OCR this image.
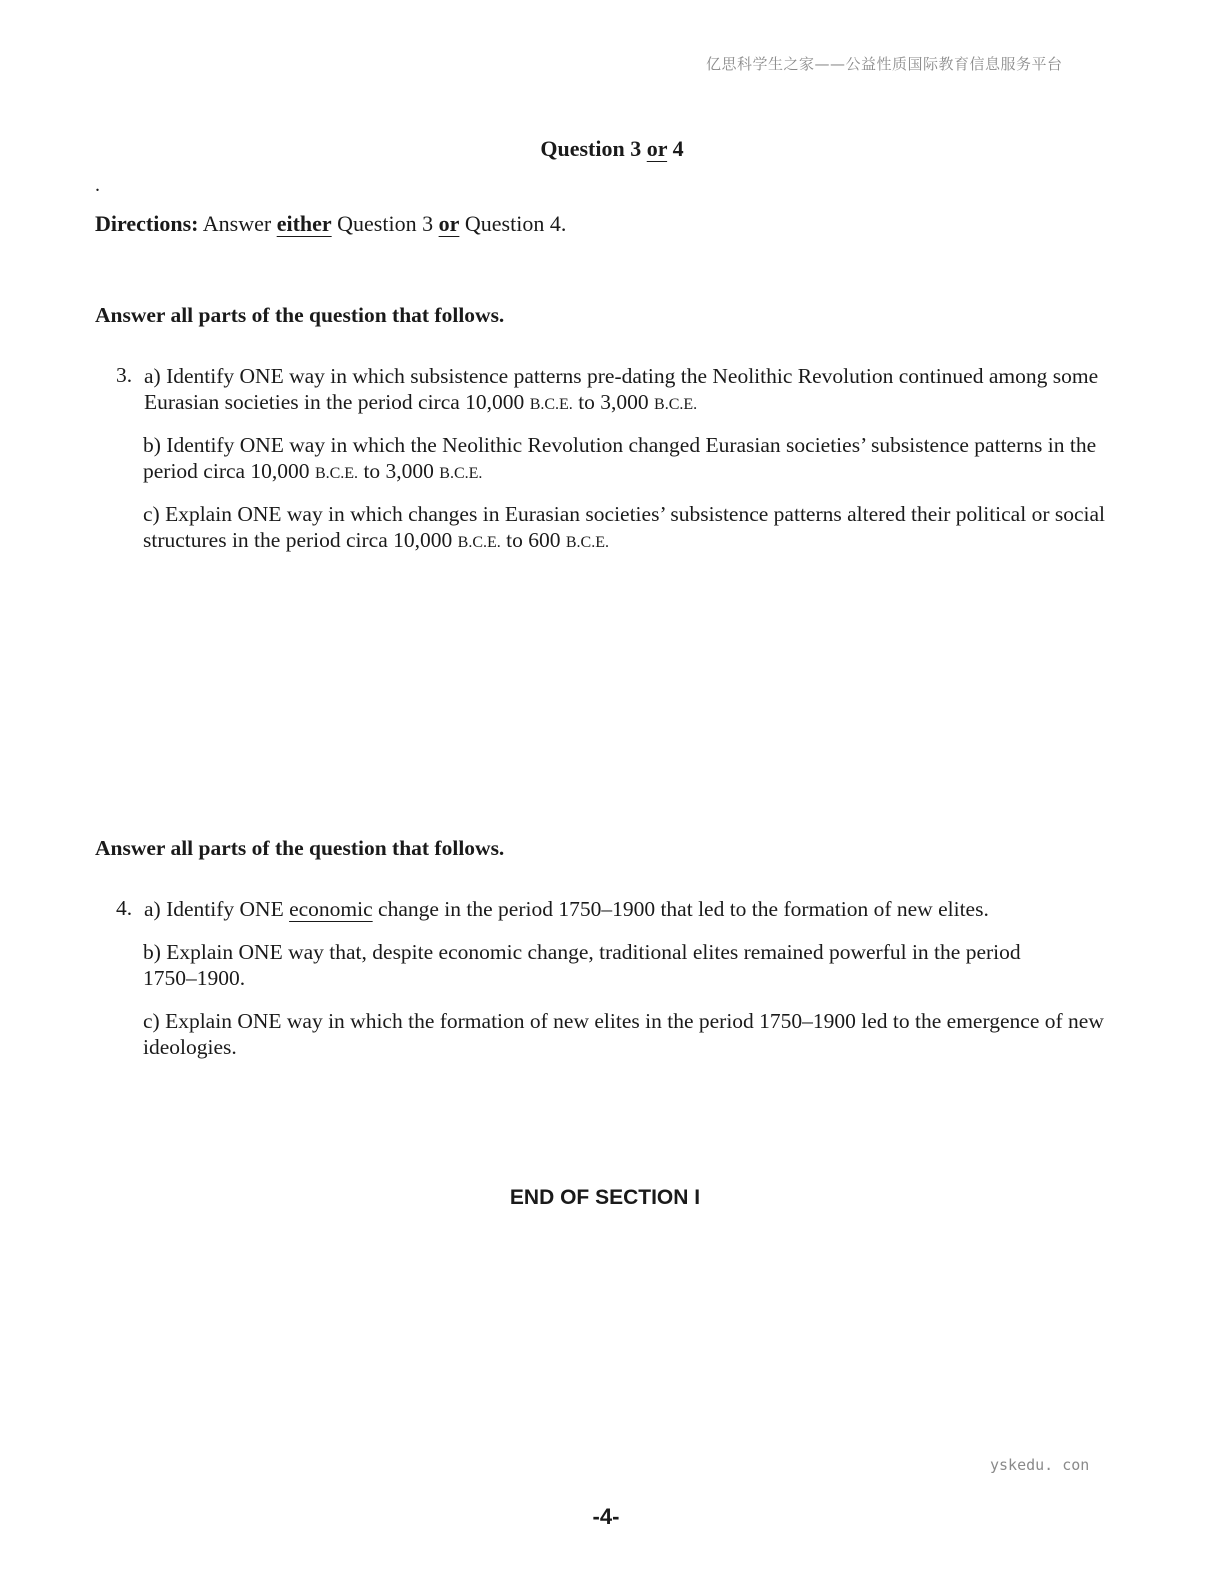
亿思科学生之家——公益性质国际教育信息服务平台
Question 3 or 4
.
Directions: Answer either Question 3 or Question 4.
Answer all parts of the question that follows.
3. a) Identify ONE way in which subsistence patterns pre-dating the Neolithic Revolution continued among some Eurasian societies in the period circa 10,000 B.C.E. to 3,000 B.C.E.
b) Identify ONE way in which the Neolithic Revolution changed Eurasian societies’ subsistence patterns in the period circa 10,000 B.C.E. to 3,000 B.C.E.
c) Explain ONE way in which changes in Eurasian societies’ subsistence patterns altered their political or social structures in the period circa 10,000 B.C.E. to 600 B.C.E.
Answer all parts of the question that follows.
4. a) Identify ONE economic change in the period 1750–1900 that led to the formation of new elites.
b) Explain ONE way that, despite economic change, traditional elites remained powerful in the period 1750–1900.
c) Explain ONE way in which the formation of new elites in the period 1750–1900 led to the emergence of new ideologies.
END OF SECTION I
yskedu. con
-4-
